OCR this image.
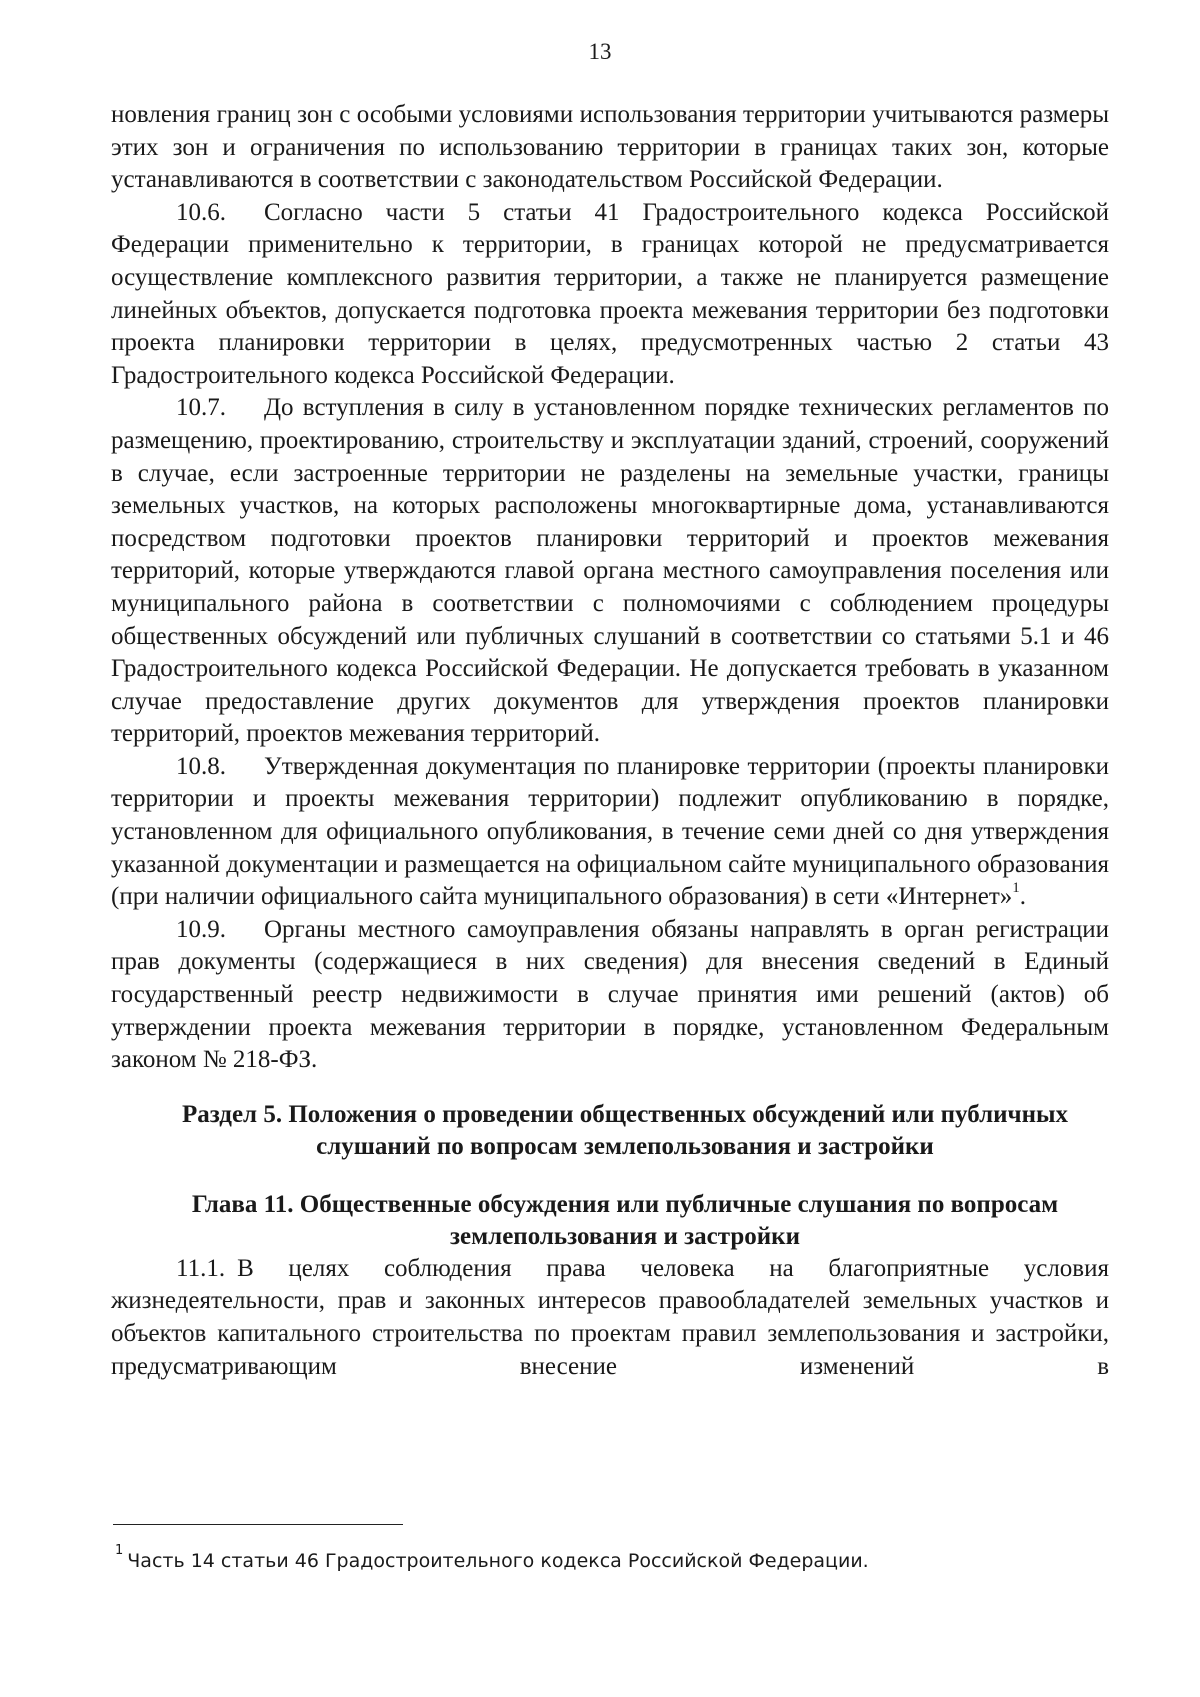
13

новления границ зон с особыми условиями использования территории учитываются размеры этих зон и ограничения по использованию территории в границах таких зон, которые устанавливаются в соответствии с законодательством Российской Федерации.

10.6. Согласно части 5 статьи 41 Градостроительного кодекса Российской Федерации применительно к территории, в границах которой не предусматривается осуществление комплексного развития территории, а также не планируется размещение линейных объектов, допускается подготовка проекта межевания территории без подготовки проекта планировки территории в целях, предусмотренных частью 2 статьи 43 Градостроительного кодекса Российской Федерации.

10.7. До вступления в силу в установленном порядке технических регламентов по размещению, проектированию, строительству и эксплуатации зданий, строений, сооружений в случае, если застроенные территории не разделены на земельные участки, границы земельных участков, на которых расположены многоквартирные дома, устанавливаются посредством подготовки проектов планировки территорий и проектов межевания территорий, которые утверждаются главой органа местного самоуправления поселения или муниципального района в соответствии с полномочиями с соблюдением процедуры общественных обсуждений или публичных слушаний в соответствии со статьями 5.1 и 46 Градостроительного кодекса Российской Федерации. Не допускается требовать в указанном случае предоставление других документов для утверждения проектов планировки территорий, проектов межевания территорий.

10.8. Утвержденная документация по планировке территории (проекты планировки территории и проекты межевания территории) подлежит опубликованию в порядке, установленном для официального опубликования, в течение семи дней со дня утверждения указанной документации и размещается на официальном сайте муниципального образования (при наличии официального сайта муниципального образования) в сети «Интернет»$^1$.

10.9. Органы местного самоуправления обязаны направлять в орган регистрации прав документы (содержащиеся в них сведения) для внесения сведений в Единый государственный реестр недвижимости в случае принятия ими решений (актов) об утверждении проекта межевания территории в порядке, установленном Федеральным законом № 218-ФЗ.

Раздел 5. Положения о проведении общественных обсуждений или публичных слушаний по вопросам землепользования и застройки
Глава 11. Общественные обсуждения или публичные слушания по вопросам землепользования и застройки

11.1. В целях соблюдения права человека на благоприятные условия жизнедеятельности, прав и законных интересов правообладателей земельных участков и объектов капитального строительства по проектам правил землепользования и застройки, предусматривающим внесение изменений в

$^1$ Часть 14 статьи 46 Градостроительного кодекса Российской Федерации.
